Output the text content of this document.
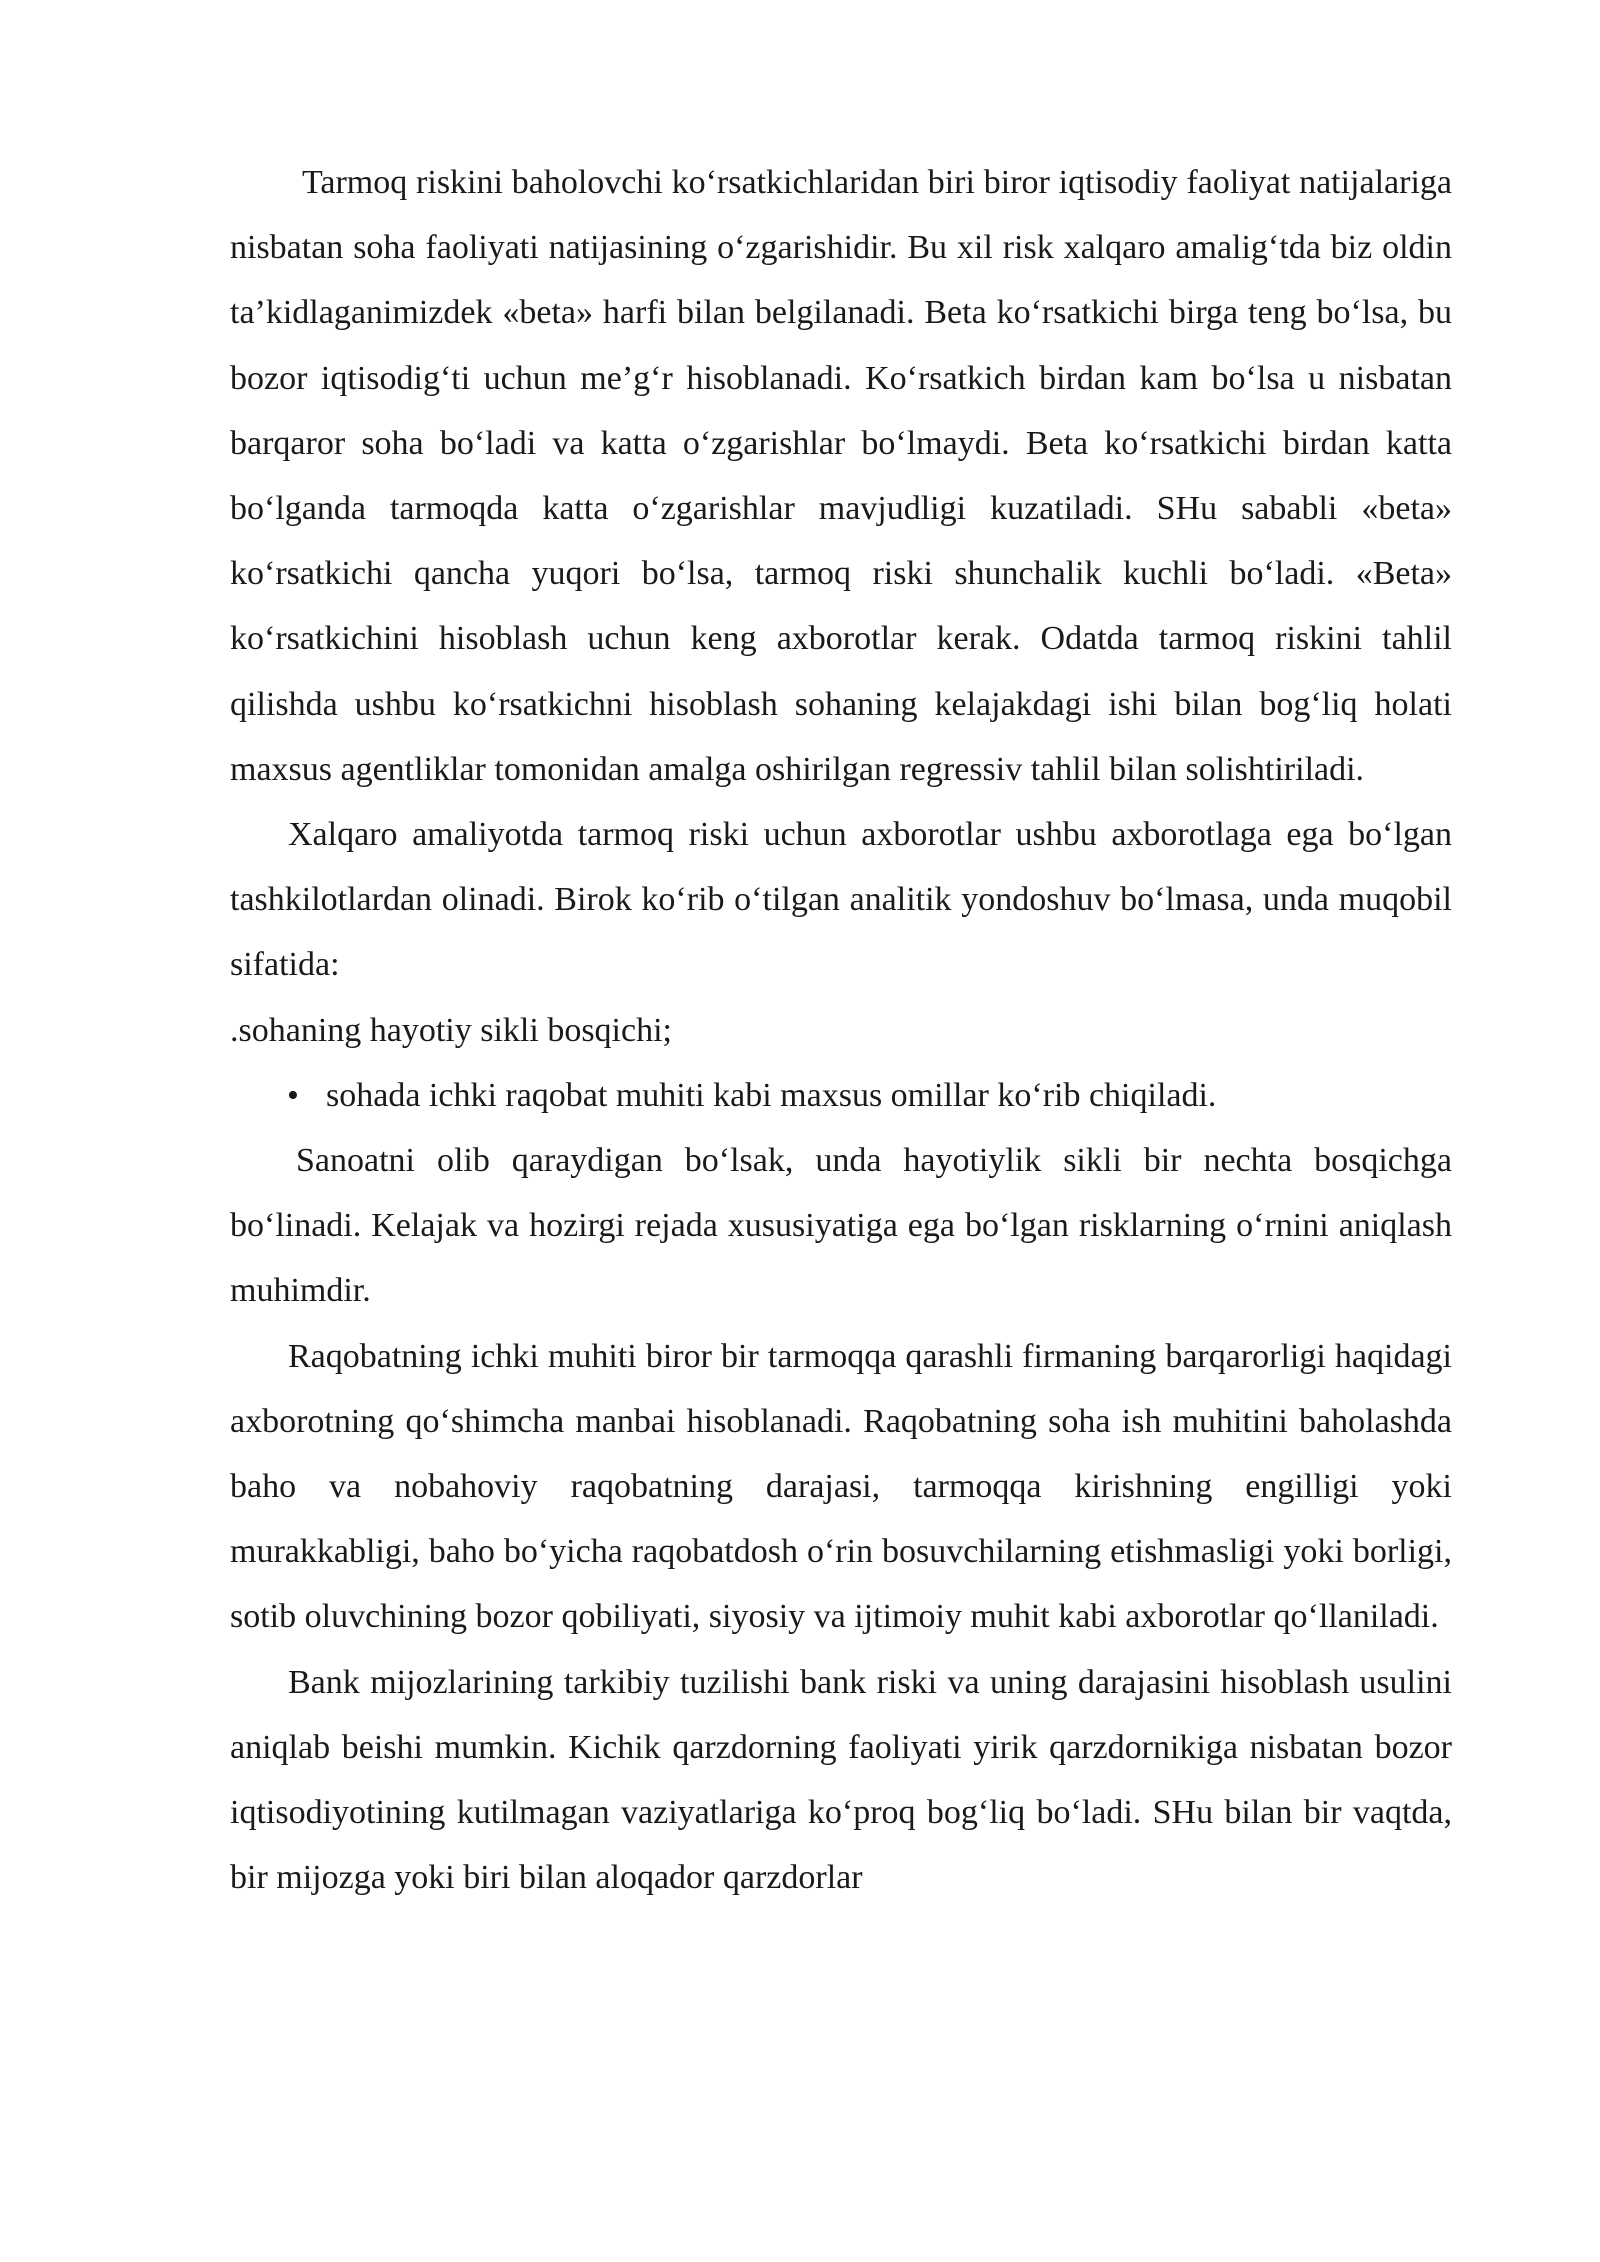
Tarmoq riskini baholovchi ko‘rsatkichlaridan biri biror iqtisodiy faoliyat natijalariga nisbatan soha faoliyati natijasining o‘zgarishidir. Bu xil risk xalqaro amalig‘tda biz oldin ta’kidlaganimizdek «beta» harfi bilan belgilanadi. Beta ko‘rsatkichi birga teng bo‘lsa, bu bozor iqtisodig‘ti uchun me’g‘r hisoblanadi. Ko‘rsatkich birdan kam bo‘lsa u nisbatan barqaror soha bo‘ladi va katta o‘zgarishlar bo‘lmaydi. Beta ko‘rsatkichi birdan katta bo‘lganda tarmoqda katta o‘zgarishlar mavjudligi kuzatiladi. SHu sababli «beta» ko‘rsatkichi qancha yuqori bo‘lsa, tarmoq riski shunchalik kuchli bo‘ladi. «Beta» ko‘rsatkichini hisoblash uchun keng axborotlar kerak. Odatda tarmoq riskini tahlil qilishda ushbu ko‘rsatkichni hisoblash sohaning kelajakdagi ishi bilan bog‘liq holati maxsus agentliklar tomonidan amalga oshirilgan regressiv tahlil bilan solishtiriladi.

Xalqaro amaliyotda tarmoq riski uchun axborotlar ushbu axborotlaga ega bo‘lgan tashkilotlardan olinadi. Birok ko‘rib o‘tilgan analitik yondoshuv bo‘lmasa, unda muqobil sifatida:

.sohaning hayotiy sikli bosqichi;

• sohada ichki raqobat muhiti kabi maxsus omillar ko‘rib chiqiladi.

Sanoatni olib qaraydigan bo‘lsak, unda hayotiylik sikli bir nechta bosqichga bo‘linadi. Kelajak va hozirgi rejada xususiyatiga ega bo‘lgan risklarning o‘rnini aniqlash muhimdir.

Raqobatning ichki muhiti biror bir tarmoqqa qarashli firmaning barqarorligi haqidagi axborotning qo‘shimcha manbai hisoblanadi. Raqobatning soha ish muhitini baholashda baho va nobahoviy raqobatning darajasi, tarmoqqa kirishning engilligi yoki murakkabligi, baho bo‘yicha raqobatdosh o‘rin bosuvchilarning etishmasligi yoki borligi, sotib oluvchining bozor qobiliyati, siyosiy va ijtimoiy muhit kabi axborotlar qo‘llaniladi.

Bank mijozlarining tarkibiy tuzilishi bank riski va uning darajasini hisoblash usulini aniqlab beishi mumkin. Kichik qarzdorning faoliyati yirik qarzdornikiga nisbatan bozor iqtisodiyotining kutilmagan vaziyatlariga ko‘proq bog‘liq bo‘ladi. SHu bilan bir vaqtda, bir mijozga yoki biri bilan aloqador qarzdorlar
